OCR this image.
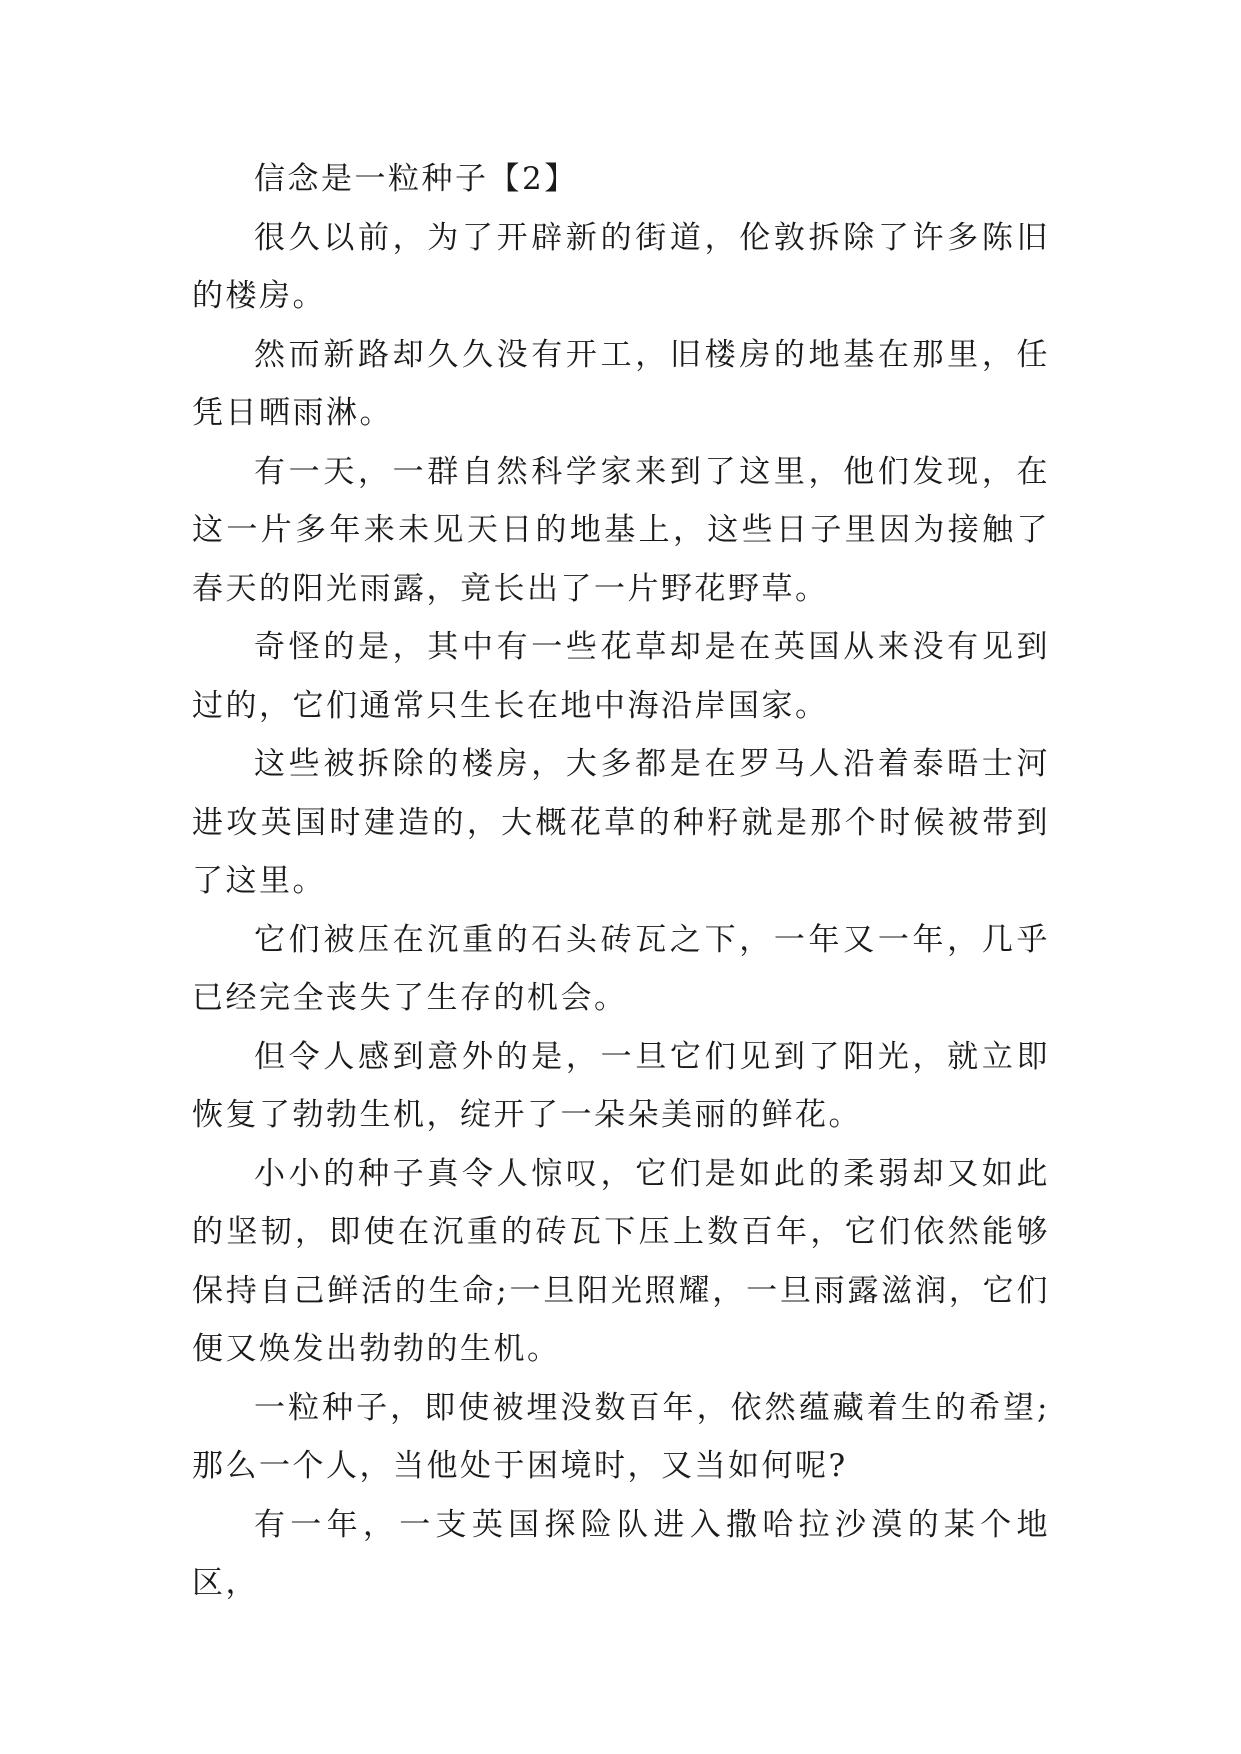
信念是一粒种子【2】

很久以前，为了开辟新的街道，伦敦拆除了许多陈旧的楼房。

然而新路却久久没有开工，旧楼房的地基在那里，任凭日晒雨淋。

有一天，一群自然科学家来到了这里，他们发现，在这一片多年来未见天日的地基上，这些日子里因为接触了春天的阳光雨露，竟长出了一片野花野草。

奇怪的是，其中有一些花草却是在英国从来没有见到过的，它们通常只生长在地中海沿岸国家。

这些被拆除的楼房，大多都是在罗马人沿着泰晤士河进攻英国时建造的，大概花草的种籽就是那个时候被带到了这里。

它们被压在沉重的石头砖瓦之下，一年又一年，几乎已经完全丧失了生存的机会。

但令人感到意外的是，一旦它们见到了阳光，就立即恢复了勃勃生机，绽开了一朵朵美丽的鲜花。

小小的种子真令人惊叹，它们是如此的柔弱却又如此的坚韧，即使在沉重的砖瓦下压上数百年，它们依然能够保持自己鲜活的生命;一旦阳光照耀，一旦雨露滋润，它们便又焕发出勃勃的生机。

一粒种子，即使被埋没数百年，依然蕴藏着生的希望;那么一个人，当他处于困境时，又当如何呢?

有一年，一支英国探险队进入撒哈拉沙漠的某个地区，
